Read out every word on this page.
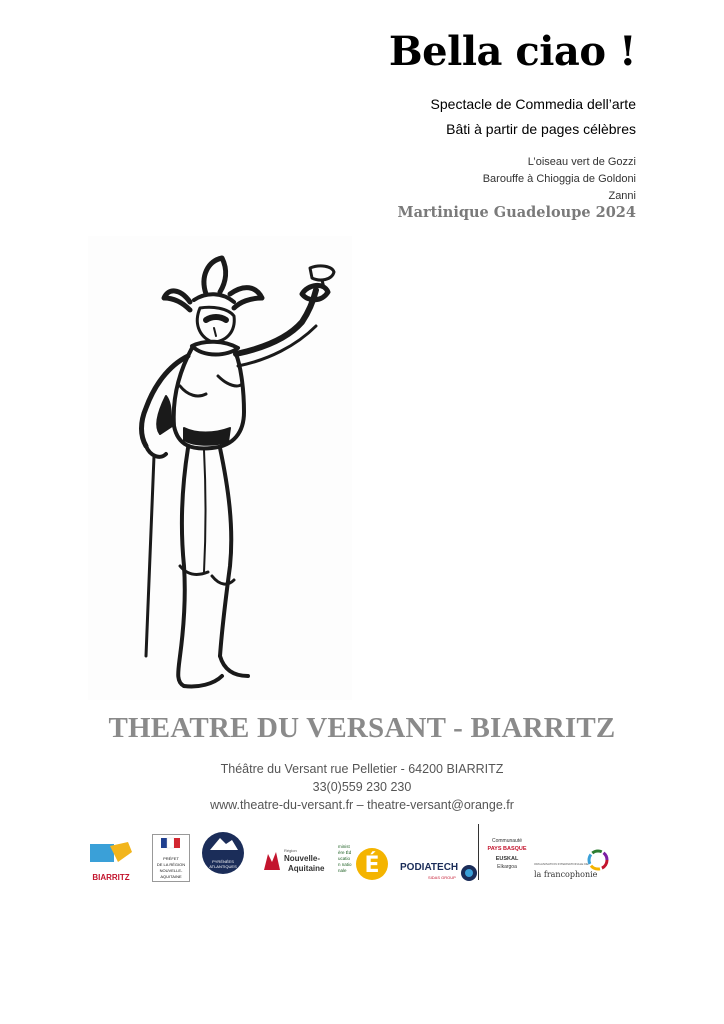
Bella ciao !
Spectacle de Commedia dell’arte
Bâti à partir de pages célèbres
L’oiseau vert de Gozzi
Barouffe à Chioggia de Goldoni
Zanni
Martinique Guadeloupe 2024
THEATRE DU VERSANT - BIARRITZ
Théâtre du Versant rue Pelletier - 64200 BIARRITZ
33(0)559 230 230
www.theatre-du-versant.fr – theatre-versant@orange.fr
BIARRITZ
PRÉFET
DE LA RÉGION
NOUVELLE-AQUITAINE
PYRÉNÉES ATLANTIQUES
Région
Nouvelle-
Aquitaine
ministère Éducation nationale É PODIATECH
SIDAS GROUP
Communauté
PAYS BASQUE
EUSKAL
Elkargoa	ORGANISATION INTERNATIONALE DE
la francophonie
